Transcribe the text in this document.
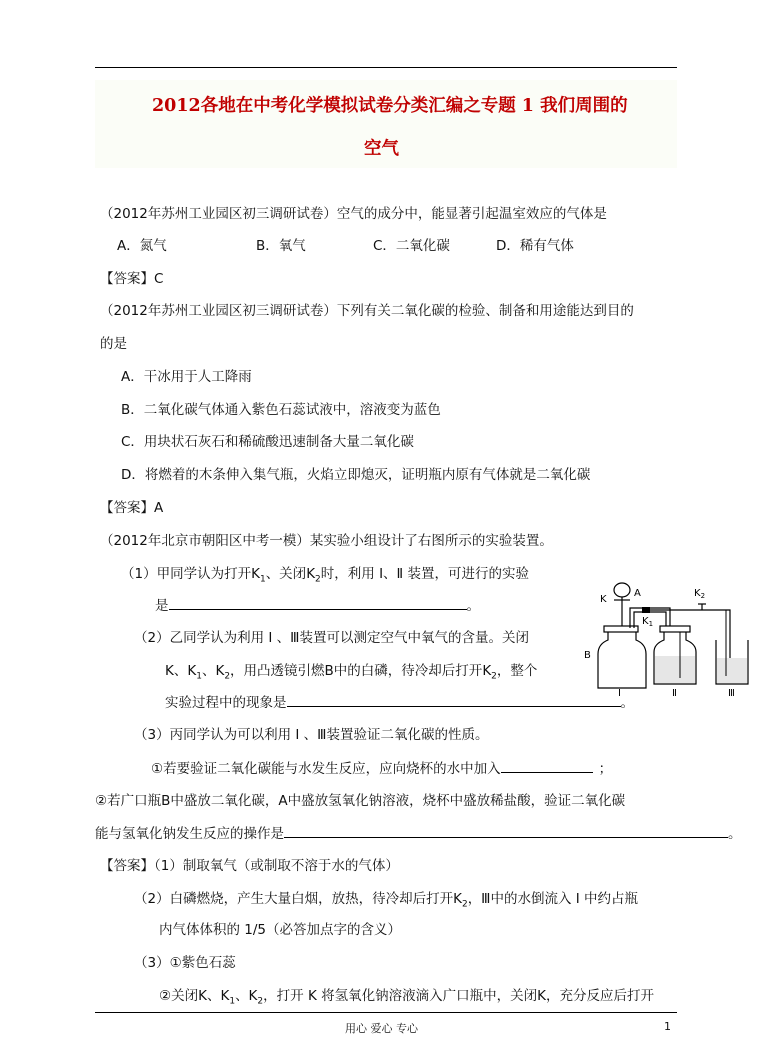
2012各地在中考化学模拟试卷分类汇编之专题 1 我们周围的
空气
（2012年苏州工业园区初三调研试卷）空气的成分中，能显著引起温室效应的气体是
A．氮气	B．氧气	C．二氧化碳	D．稀有气体
【答案】C
（2012年苏州工业园区初三调研试卷）下列有关二氧化碳的检验、制备和用途能达到目的
的是
A．干冰用于人工降雨
B．二氧化碳气体通入紫色石蕊试液中，溶液变为蓝色
C．用块状石灰石和稀硫酸迅速制备大量二氧化碳
D．将燃着的木条伸入集气瓶，火焰立即熄灭，证明瓶内原有气体就是二氧化碳
【答案】A
（2012年北京市朝阳区中考一模）某实验小组设计了右图所示的实验装置。
（1）甲同学认为打开$K_1$、关闭$K_2$时，利用 Ⅰ、Ⅱ 装置，可进行的实验
是	。
（2）乙同学认为利用 Ⅰ 、Ⅲ装置可以测定空气中氧气的含量。关闭
K、$K_1$、$K_2$，用凸透镜引燃B中的白磷，待冷却后打开$K_2$，整个
实验过程中的现象是	。
（3）丙同学认为可以利用 Ⅰ 、Ⅲ装置验证二氧化碳的性质。
①若要验证二氧化碳能与水发生反应，应向烧杯的水中加入	；
②若广口瓶B中盛放二氧化碳，A中盛放氢氧化钠溶液，烧杯中盛放稀盐酸，验证二氧化碳
能与氢氧化钠发生反应的操作是	。
【答案】（1）制取氧气（或制取不溶于水的气体）
（2）白磷燃烧，产生大量白烟，放热，待冷却后打开$K_2$，Ⅲ中的水倒流入 Ⅰ 中约占瓶
内气体体积的 1/5（必答加点字的含义）
（3）①紫色石蕊
②关闭K、$K_1$、$K_2$，打开 K 将氢氧化钠溶液滴入广口瓶中，关闭K，充分反应后打开
K
A	$K_2$
$K_1$
B
Ⅰ	Ⅱ	Ⅲ
用心 爱心 专心	1
